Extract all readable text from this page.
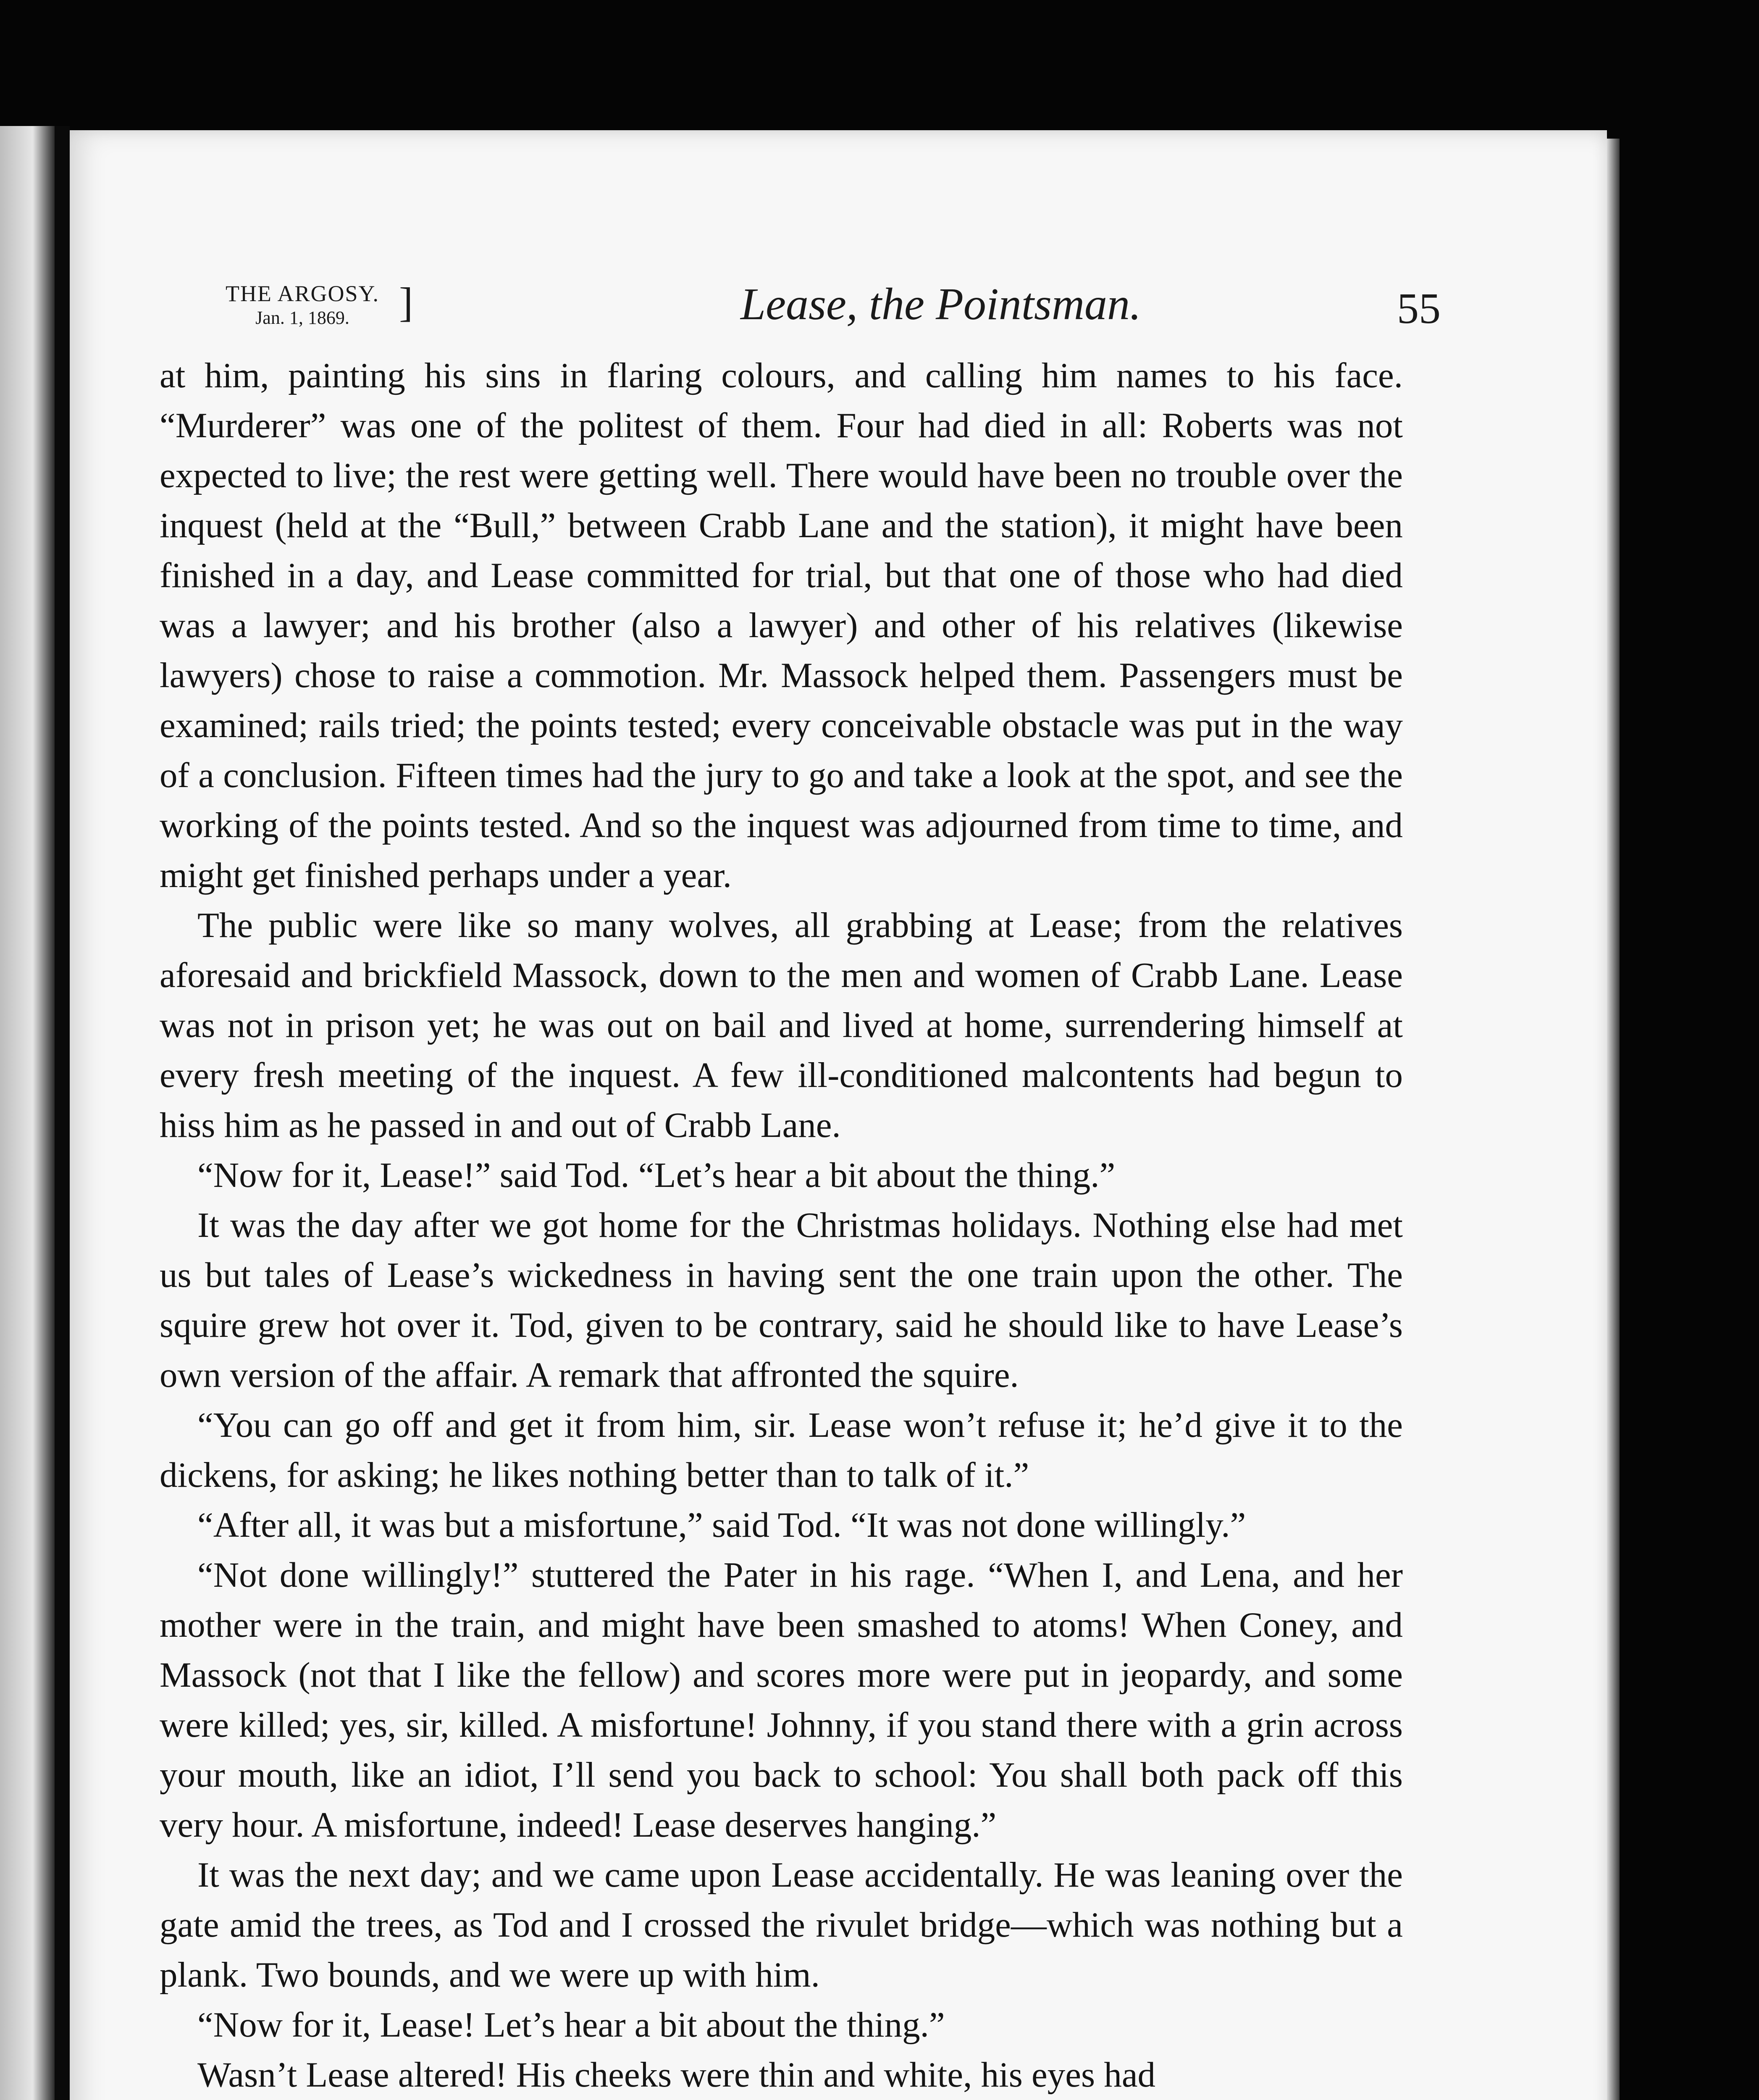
THE ARGOSY.
Jan. 1, 1869.	]	Lease, the Pointsman.	55

at him, painting his sins in flaring colours, and calling him names to his face. “Murderer” was one of the politest of them. Four had died in all: Roberts was not expected to live; the rest were getting well. There would have been no trouble over the inquest (held at the “Bull,” between Crabb Lane and the station), it might have been finished in a day, and Lease committed for trial, but that one of those who had died was a lawyer; and his brother (also a lawyer) and other of his relatives (likewise lawyers) chose to raise a commotion. Mr. Massock helped them. Passengers must be examined; rails tried; the points tested; every conceivable obstacle was put in the way of a conclusion. Fifteen times had the jury to go and take a look at the spot, and see the working of the points tested. And so the inquest was adjourned from time to time, and might get finished perhaps under a year.

The public were like so many wolves, all grabbing at Lease; from the relatives aforesaid and brickfield Massock, down to the men and women of Crabb Lane. Lease was not in prison yet; he was out on bail and lived at home, surrendering himself at every fresh meeting of the inquest. A few ill-conditioned malcontents had begun to hiss him as he passed in and out of Crabb Lane.

“Now for it, Lease!” said Tod. “Let’s hear a bit about the thing.”

It was the day after we got home for the Christmas holidays. Nothing else had met us but tales of Lease’s wickedness in having sent the one train upon the other. The squire grew hot over it. Tod, given to be contrary, said he should like to have Lease’s own version of the affair. A remark that affronted the squire.

“You can go off and get it from him, sir. Lease won’t refuse it; he’d give it to the dickens, for asking; he likes nothing better than to talk of it.”

“After all, it was but a misfortune,” said Tod. “It was not done willingly.”

“Not done willingly!” stuttered the Pater in his rage. “When I, and Lena, and her mother were in the train, and might have been smashed to atoms! When Coney, and Massock (not that I like the fellow) and scores more were put in jeopardy, and some were killed; yes, sir, killed. A misfortune! Johnny, if you stand there with a grin across your mouth, like an idiot, I’ll send you back to school: You shall both pack off this very hour. A misfortune, indeed! Lease deserves hanging.”

It was the next day; and we came upon Lease accidentally. He was leaning over the gate amid the trees, as Tod and I crossed the rivulet bridge—which was nothing but a plank. Two bounds, and we were up with him.

“Now for it, Lease! Let’s hear a bit about the thing.”

Wasn’t Lease altered! His cheeks were thin and white, his eyes had
